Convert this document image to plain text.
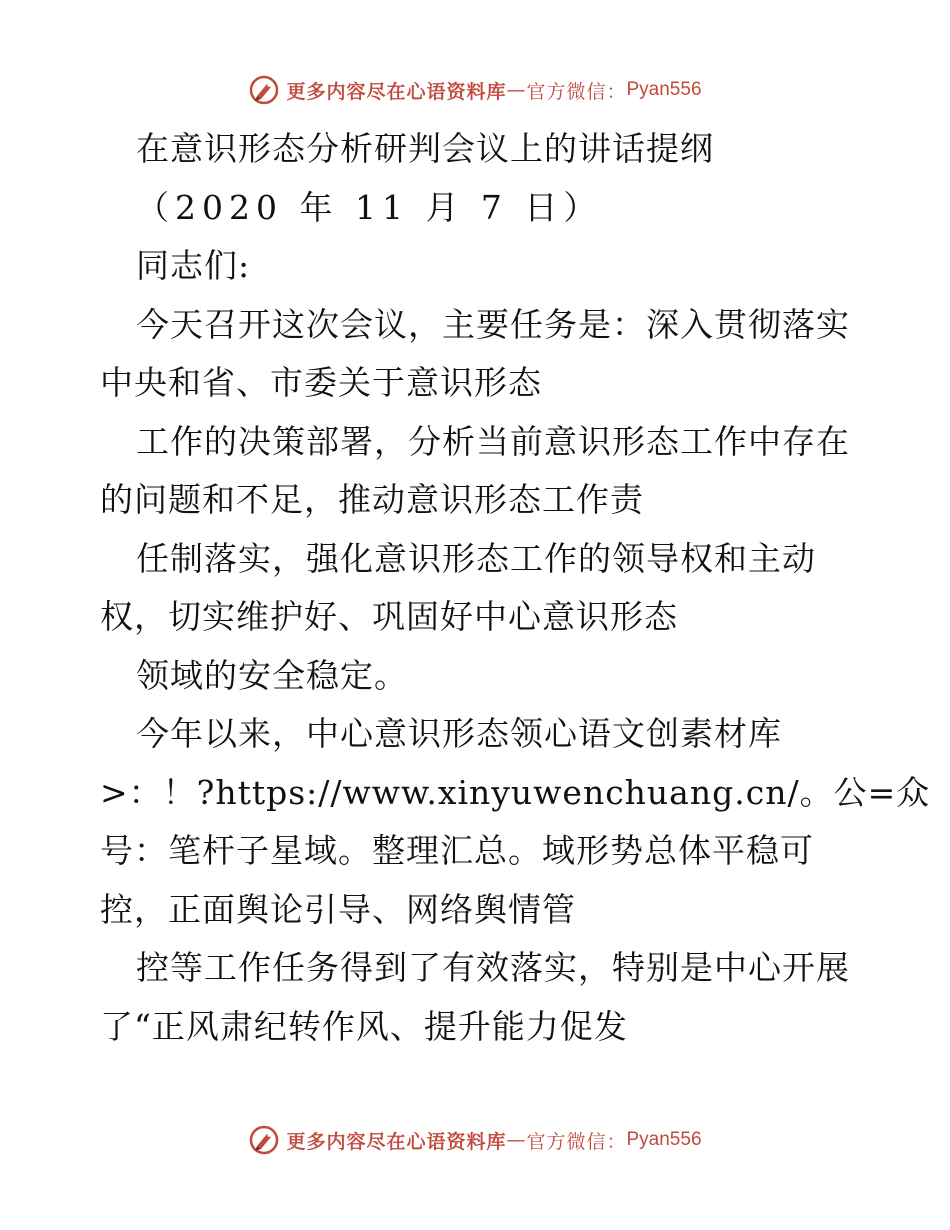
更多内容尽在心语资料库 — 官方微信： Pyan556
在意识形态分析研判会议上的讲话提纲
（2020 年 11 月 7 日）
同志们:
今天召开这次会议，主要任务是：深入贯彻落实
中央和省、市委关于意识形态
工作的决策部署，分析当前意识形态工作中存在
的问题和不足，推动意识形态工作责
任制落实，强化意识形态工作的领导权和主动
权，切实维护好、巩固好中心意识形态
领域的安全稳定。
今年以来，中心意识形态领心语文创素材库
>：！?https://www.xinyuwenchuang.cn/。公=众
号：笔杆子星域。整理汇总。域形势总体平稳可
控，正面舆论引导、网络舆情管
控等工作任务得到了有效落实，特别是中心开展
了“正风肃纪转作风、提升能力促发
更多内容尽在心语资料库 — 官方微信： Pyan556
